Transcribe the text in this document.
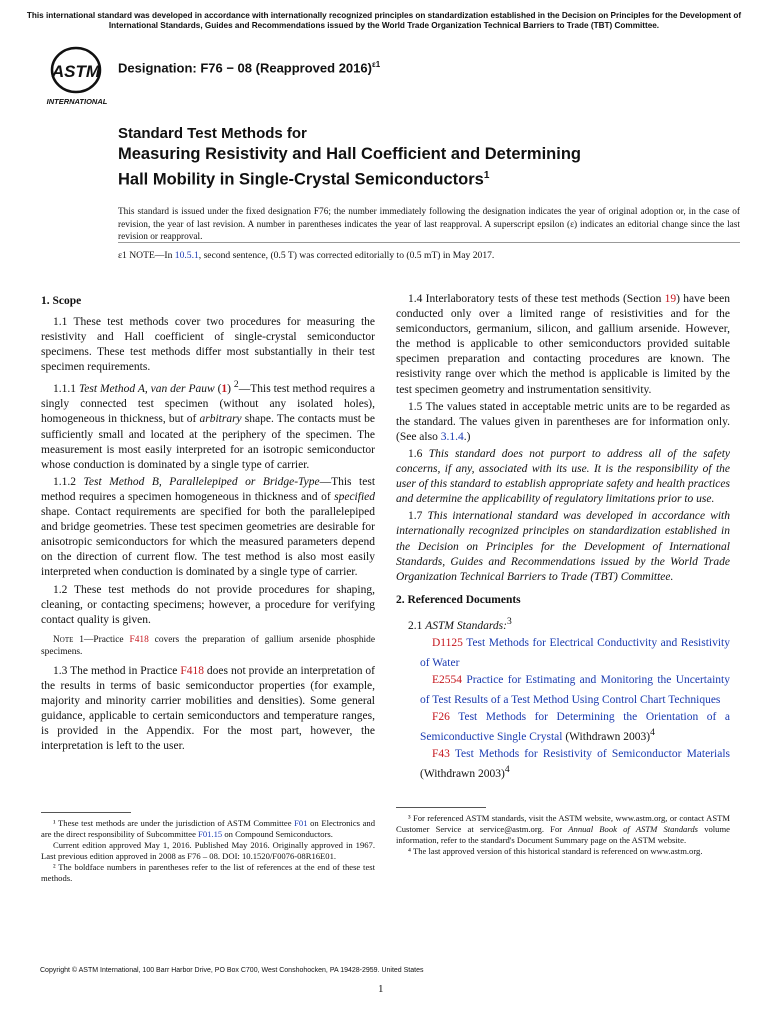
This international standard was developed in accordance with internationally recognized principles on standardization established in the Decision on Principles for the Development of International Standards, Guides and Recommendations issued by the World Trade Organization Technical Barriers to Trade (TBT) Committee.

ASTM
INTERNATIONAL

Designation: F76 − 08 (Reapproved 2016)$^{\varepsilon 1}$

Standard Test Methods for
Measuring Resistivity and Hall Coefficient and Determining
Hall Mobility in Single-Crystal Semiconductors$^1$

This standard is issued under the fixed designation F76; the number immediately following the designation indicates the year of original adoption or, in the case of revision, the year of last revision. A number in parentheses indicates the year of last reapproval. A superscript epsilon (ε) indicates an editorial change since the last revision or reapproval.

ε1 NOTE—In 10.5.1, second sentence, (0.5 T) was corrected editorially to (0.5 mT) in May 2017.

1. Scope

1.1 These test methods cover two procedures for measuring the resistivity and Hall coefficient of single-crystal semiconductor specimens. These test methods differ most substantially in their test specimen requirements.

1.1.1 Test Method A, van der Pauw (1) $^2$—This test method requires a singly connected test specimen (without any isolated holes), homogeneous in thickness, but of arbitrary shape. The contacts must be sufficiently small and located at the periphery of the specimen. The measurement is most easily interpreted for an isotropic semiconductor whose conduction is dominated by a single type of carrier.

1.1.2 Test Method B, Parallelepiped or Bridge-Type—This test method requires a specimen homogeneous in thickness and of specified shape. Contact requirements are specified for both the parallelepiped and bridge geometries. These test specimen geometries are desirable for anisotropic semiconductors for which the measured parameters depend on the direction of current flow. The test method is also most easily interpreted when conduction is dominated by a single type of carrier.

1.2 These test methods do not provide procedures for shaping, cleaning, or contacting specimens; however, a procedure for verifying contact quality is given.

Note 1—Practice F418 covers the preparation of gallium arsenide phosphide specimens.

1.3 The method in Practice F418 does not provide an interpretation of the results in terms of basic semiconductor properties (for example, majority and minority carrier mobilities and densities). Some general guidance, applicable to certain semiconductors and temperature ranges, is provided in the Appendix. For the most part, however, the interpretation is left to the user.

1.4 Interlaboratory tests of these test methods (Section 19) have been conducted only over a limited range of resistivities and for the semiconductors, germanium, silicon, and gallium arsenide. However, the method is applicable to other semiconductors provided suitable specimen preparation and contacting procedures are known. The resistivity range over which the method is applicable is limited by the test specimen geometry and instrumentation sensitivity.

1.5 The values stated in acceptable metric units are to be regarded as the standard. The values given in parentheses are for information only. (See also 3.1.4.)

1.6 This standard does not purport to address all of the safety concerns, if any, associated with its use. It is the responsibility of the user of this standard to establish appropriate safety and health practices and determine the applicability of regulatory limitations prior to use.

1.7 This international standard was developed in accordance with internationally recognized principles on standardization established in the Decision on Principles for the Development of International Standards, Guides and Recommendations issued by the World Trade Organization Technical Barriers to Trade (TBT) Committee.

2. Referenced Documents

2.1 ASTM Standards:$^3$

D1125 Test Methods for Electrical Conductivity and Resistivity of Water

E2554 Practice for Estimating and Monitoring the Uncertainty of Test Results of a Test Method Using Control Chart Techniques

F26 Test Methods for Determining the Orientation of a Semiconductive Single Crystal (Withdrawn 2003)$^4$

F43 Test Methods for Resistivity of Semiconductor Materials (Withdrawn 2003)$^4$

¹ These test methods are under the jurisdiction of ASTM Committee F01 on Electronics and are the direct responsibility of Subcommittee F01.15 on Compound Semiconductors.

Current edition approved May 1, 2016. Published May 2016. Originally approved in 1967. Last previous edition approved in 2008 as F76 – 08. DOI: 10.1520/F0076-08R16E01.

² The boldface numbers in parentheses refer to the list of references at the end of these test methods.

³ For referenced ASTM standards, visit the ASTM website, www.astm.org, or contact ASTM Customer Service at service@astm.org. For Annual Book of ASTM Standards volume information, refer to the standard's Document Summary page on the ASTM website.

⁴ The last approved version of this historical standard is referenced on www.astm.org.

Copyright © ASTM International, 100 Barr Harbor Drive, PO Box C700, West Conshohocken, PA 19428-2959. United States

1
